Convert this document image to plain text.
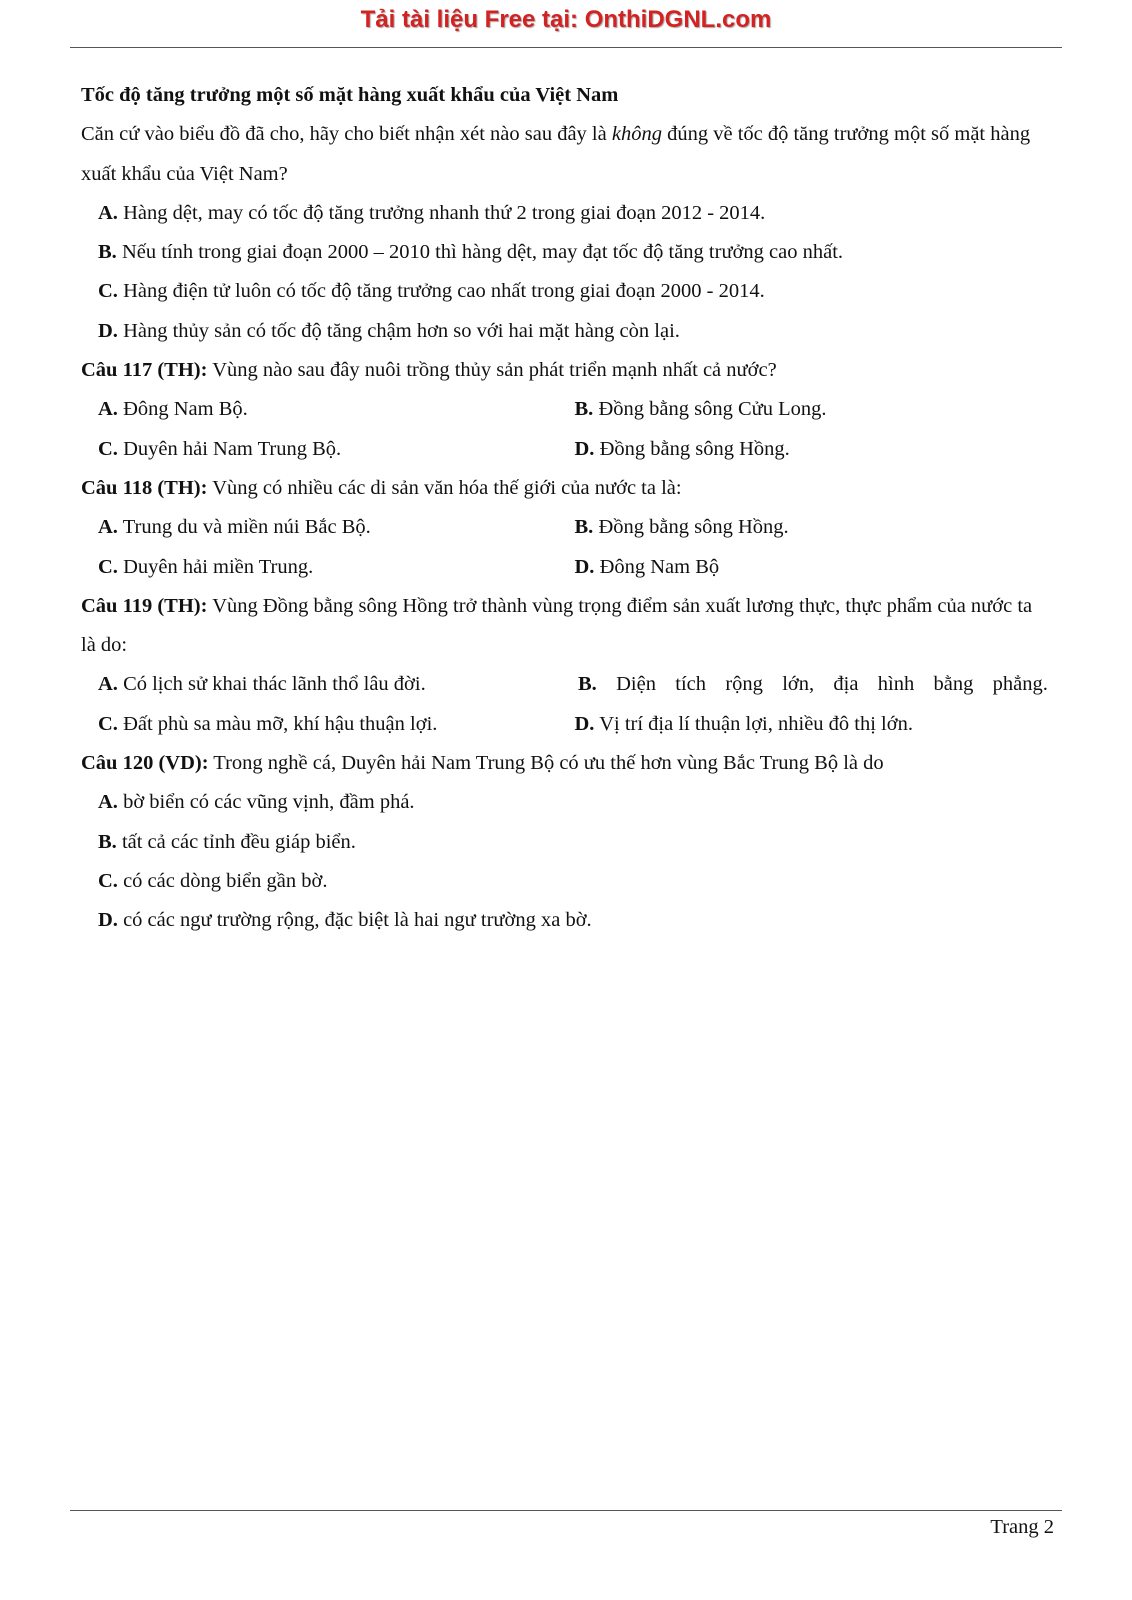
Tải tài liệu Free tại: OnthiDGNL.com
Tốc độ tăng trưởng một số mặt hàng xuất khẩu của Việt Nam
Căn cứ vào biểu đồ đã cho, hãy cho biết nhận xét nào sau đây là không đúng về tốc độ tăng trưởng một số mặt hàng xuất khẩu của Việt Nam?
A. Hàng dệt, may có tốc độ tăng trưởng nhanh thứ 2 trong giai đoạn 2012 - 2014.
B. Nếu tính trong giai đoạn 2000 – 2010 thì hàng dệt, may đạt tốc độ tăng trưởng cao nhất.
C. Hàng điện tử luôn có tốc độ tăng trưởng cao nhất trong giai đoạn 2000 - 2014.
D. Hàng thủy sản có tốc độ tăng chậm hơn so với hai mặt hàng còn lại.
Câu 117 (TH): Vùng nào sau đây nuôi trồng thủy sản phát triển mạnh nhất cả nước?
A. Đông Nam Bộ.	B. Đồng bằng sông Cửu Long.
C. Duyên hải Nam Trung Bộ.	D. Đồng bằng sông Hồng.
Câu 118 (TH): Vùng có nhiều các di sản văn hóa thế giới của nước ta là:
A. Trung du và miền núi Bắc Bộ.	B. Đồng bằng sông Hồng.
C. Duyên hải miền Trung.	D. Đông Nam Bộ
Câu 119 (TH): Vùng Đồng bằng sông Hồng trở thành vùng trọng điểm sản xuất lương thực, thực phẩm của nước ta là do:
A. Có lịch sử khai thác lãnh thổ lâu đời.	B. Diện tích rộng lớn, địa hình bằng phẳng.
C. Đất phù sa màu mỡ, khí hậu thuận lợi.	D. Vị trí địa lí thuận lợi, nhiều đô thị lớn.
Câu 120 (VD): Trong nghề cá, Duyên hải Nam Trung Bộ có ưu thế hơn vùng Bắc Trung Bộ là do
A. bờ biển có các vũng vịnh, đầm phá.
B. tất cả các tỉnh đều giáp biển.
C. có các dòng biển gần bờ.
D. có các ngư trường rộng, đặc biệt là hai ngư trường xa bờ.
Trang 2
